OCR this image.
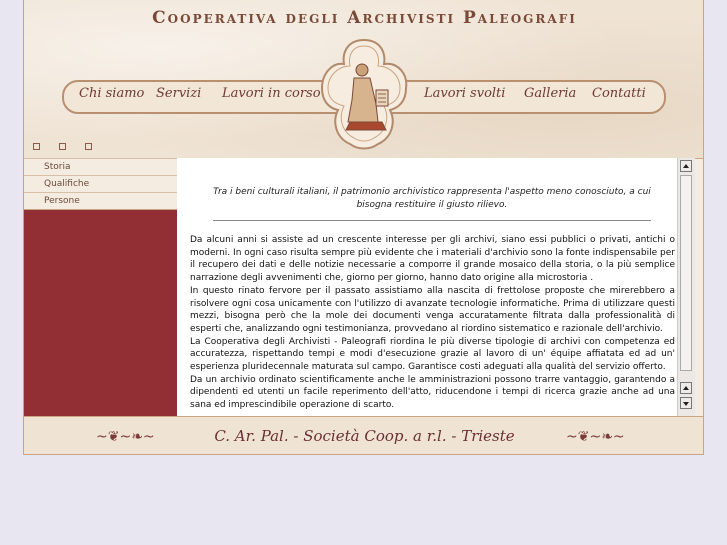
Cooperativa degli Archivisti Paleografi
Chi siamo Servizi Lavori in corso	Lavori svolti Galleria Contatti

Storia
Qualifiche
Persone
Tra i beni culturali italiani, il patrimonio archivistico rappresenta l'aspetto meno conosciuto, a cui bisogna restituire il giusto rilievo.
Da alcuni anni si assiste ad un crescente interesse per gli archivi, siano essi pubblici o privati, antichi o moderni. In ogni caso risulta sempre più evidente che i materiali d'archivio sono la fonte indispensabile per il recupero dei dati e delle notizie necessarie a comporre il grande mosaico della storia, o la più semplice narrazione degli avvenimenti che, giorno per giorno, hanno dato origine alla microstoria .
In questo rinato fervore per il passato assistiamo alla nascita di frettolose proposte che mirerebbero a risolvere ogni cosa unicamente con l'utilizzo di avanzate tecnologie informatiche. Prima di utilizzare questi mezzi, bisogna però che la mole dei documenti venga accuratamente filtrata dalla professionalità di esperti che, analizzando ogni testimonianza, provvedano al riordino sistematico e razionale dell'archivio.
La Cooperativa degli Archivisti - Paleografi riordina le più diverse tipologie di archivi con competenza ed accuratezza, rispettando tempi e modi d'esecuzione grazie al lavoro di un' équipe affiatata ed ad un' esperienza pluridecennale maturata sul campo. Garantisce costi adeguati alla qualità del servizio offerto.
Da un archivio ordinato scientificamente anche le amministrazioni possono trarre vantaggio, garantendo a dipendenti ed utenti un facile reperimento dell'atto, riducendone i tempi di ricerca grazie anche ad una sana ed imprescindibile operazione di scarto.
~❦~❧~	C. Ar. Pal. - Società Coop. a r.l. - Trieste	~❦~❧~
